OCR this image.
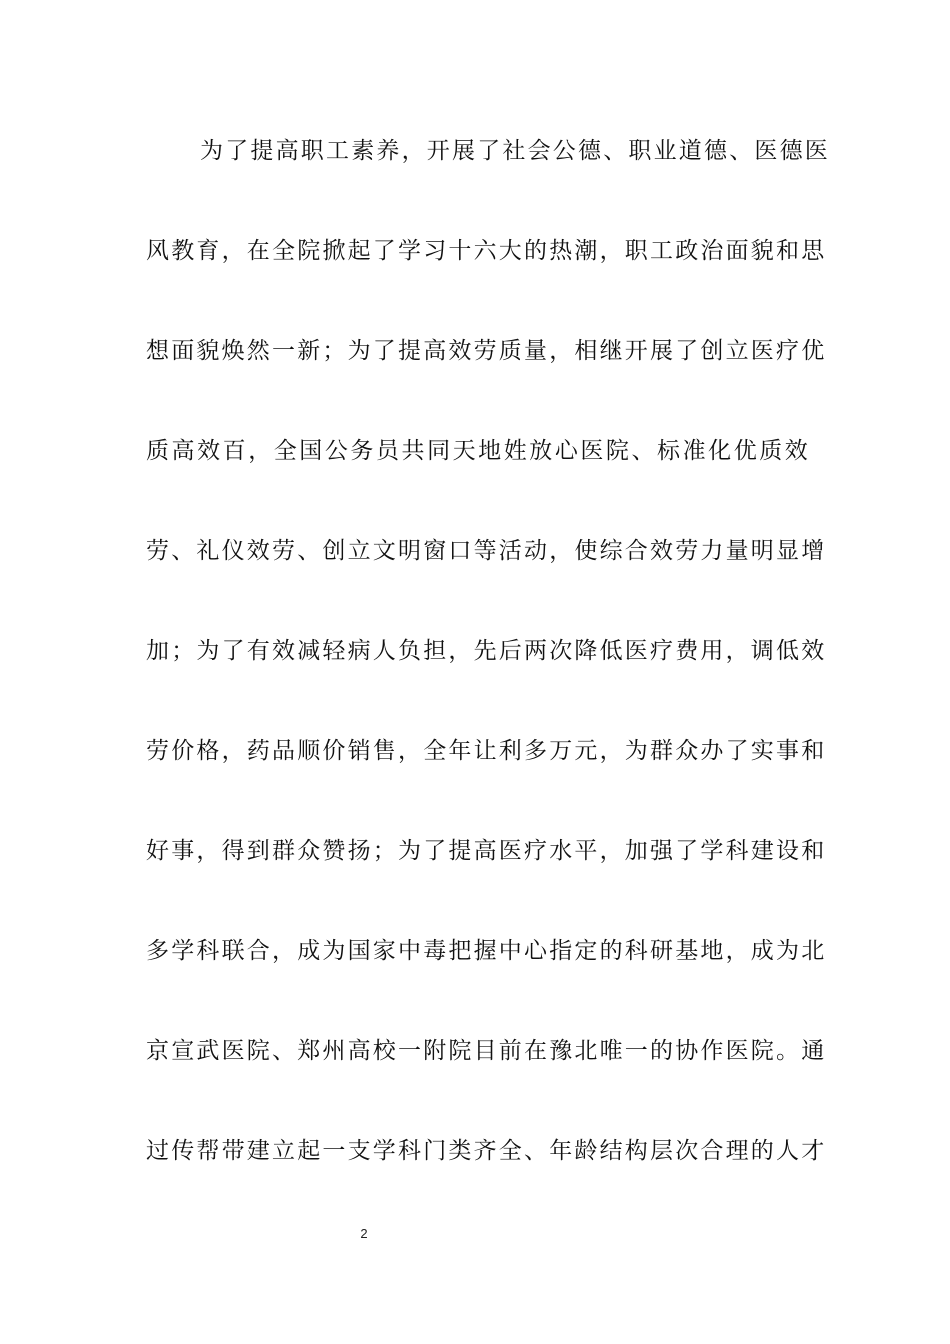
为了提高职工素养，开展了社会公德、职业道德、医德医
风教育，在全院掀起了学习十六大的热潮，职工政治面貌和思
想面貌焕然一新；为了提高效劳质量，相继开展了创立医疗优
质高效百，全国公务员共同天地姓放心医院、标准化优质效
劳、礼仪效劳、创立文明窗口等活动，使综合效劳力量明显增
加；为了有效减轻病人负担，先后两次降低医疗费用，调低效
劳价格，药品顺价销售，全年让利多万元，为群众办了实事和
好事，得到群众赞扬；为了提高医疗水平，加强了学科建设和
多学科联合，成为国家中毒把握中心指定的科研基地，成为北
京宣武医院、郑州高校一附院目前在豫北唯一的协作医院。通
过传帮带建立起一支学科门类齐全、年龄结构层次合理的人才
2
